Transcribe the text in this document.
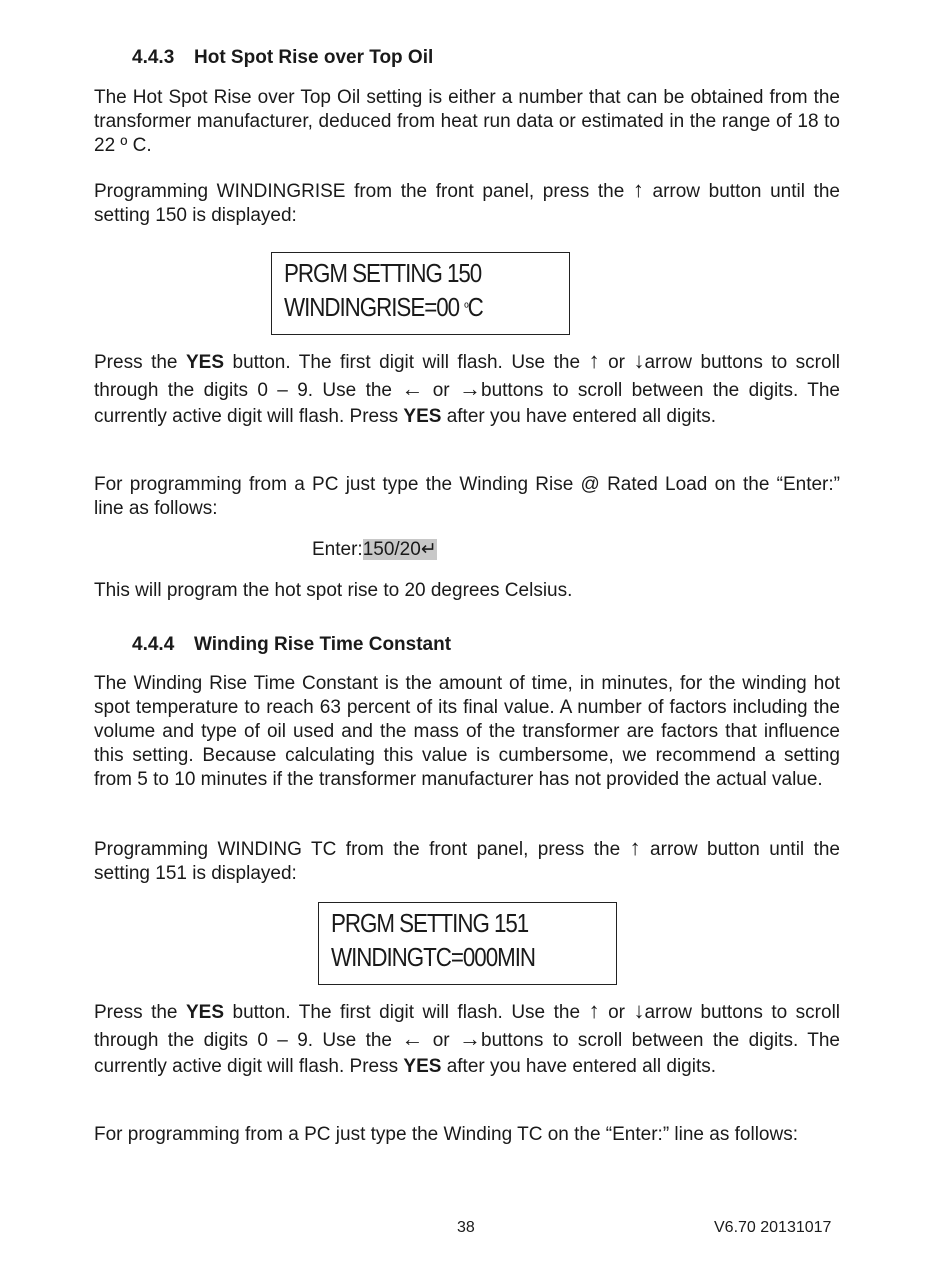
4.4.3 Hot Spot Rise over Top Oil

The Hot Spot Rise over Top Oil setting is either a number that can be obtained from the transformer manufacturer, deduced from heat run data or estimated in the range of 18 to 22 º C.

Programming WINDINGRISE from the front panel, press the ↑ arrow button until the setting 150 is displayed:

PRGM SETTING 150
WINDINGRISE=00 ºC

Press the YES button. The first digit will flash. Use the ↑ or ↓arrow buttons to scroll through the digits 0 – 9. Use the ← or →buttons to scroll between the digits. The currently active digit will flash. Press YES after you have entered all digits.

For programming from a PC just type the Winding Rise @ Rated Load on the “Enter:” line as follows:

Enter:150/20↵

This will program the hot spot rise to 20 degrees Celsius.

4.4.4 Winding Rise Time Constant

The Winding Rise Time Constant is the amount of time, in minutes, for the winding hot spot temperature to reach 63 percent of its final value. A number of factors including the volume and type of oil used and the mass of the transformer are factors that influence this setting. Because calculating this value is cumbersome, we recommend a setting from 5 to 10 minutes if the transformer manufacturer has not provided the actual value.

Programming WINDING TC from the front panel, press the ↑ arrow button until the setting 151 is displayed:

PRGM SETTING 151
WINDINGTC=000MIN

Press the YES button. The first digit will flash. Use the ↑ or ↓arrow buttons to scroll through the digits 0 – 9. Use the ← or →buttons to scroll between the digits. The currently active digit will flash. Press YES after you have entered all digits.

For programming from a PC just type the Winding TC on the “Enter:” line as follows:

38	V6.70 20131017
